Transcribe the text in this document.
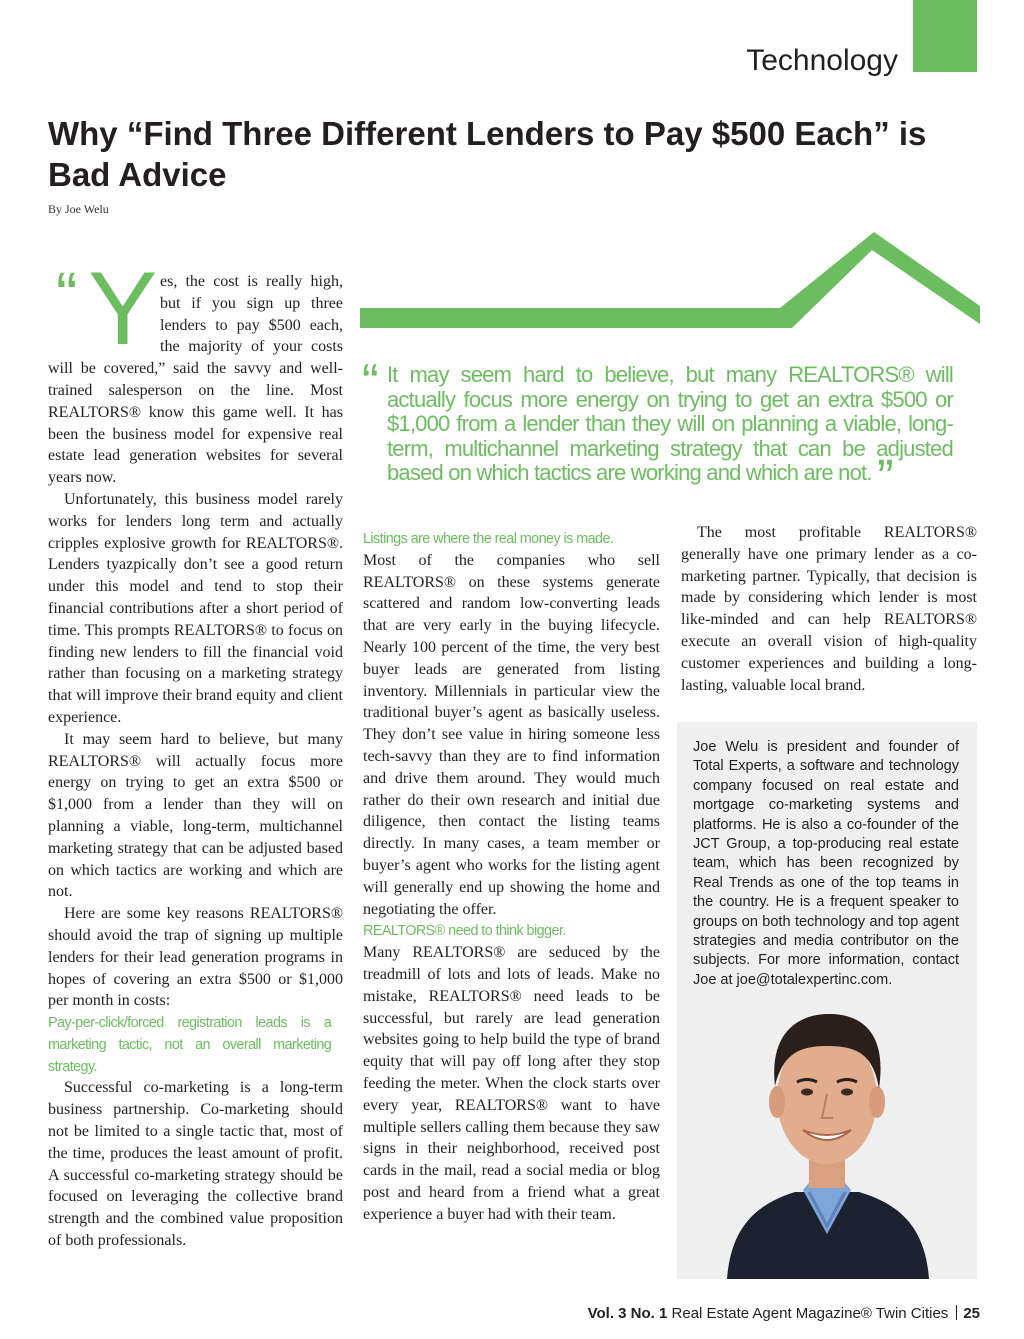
Technology
Why “Find Three Different Lenders to Pay $500 Each” is Bad Advice
By Joe Welu
“ Y es, the cost is really high, but if you sign up three lenders to pay $500 each, the majority of your costs will be covered,” said the savvy and well-trained salesperson on the line. Most REALTORS® know this game well. It has been the business model for expensive real estate lead generation websites for several years now.

Unfortunately, this business model rarely works for lenders long term and actually cripples explosive growth for REALTORS®. Lenders tyazpically don’t see a good return under this model and tend to stop their financial contributions after a short period of time. This prompts REALTORS® to focus on finding new lenders to fill the financial void rather than focusing on a marketing strategy that will improve their brand equity and client experience.

It may seem hard to believe, but many REALTORS® will actually focus more energy on trying to get an extra $500 or $1,000 from a lender than they will on planning a viable, long-term, multichannel marketing strategy that can be adjusted based on which tactics are working and which are not.

Here are some key reasons REALTORS® should avoid the trap of signing up multiple lenders for their lead generation programs in hopes of covering an extra $500 or $1,000 per month in costs:

Pay-per-click/forced registration leads is a marketing tactic, not an overall marketing strategy.

Successful co-marketing is a long-term business partnership. Co-marketing should not be limited to a single tactic that, most of the time, produces the least amount of profit. A successful co-marketing strategy should be focused on leveraging the collective brand strength and the combined value proposition of both professionals.

“ It may seem hard to believe, but many REALTORS® will actually focus more energy on trying to get an extra $500 or $1,000 from a lender than they will on planning a viable, long-term, multichannel marketing strategy that can be adjusted based on which tactics are working and which are not. ”
Listings are where the real money is made.

Most of the companies who sell REALTORS® on these systems generate scattered and random low-converting leads that are very early in the buying lifecycle. Nearly 100 percent of the time, the very best buyer leads are generated from listing inventory. Millennials in particular view the traditional buyer’s agent as basically useless. They don’t see value in hiring someone less tech-savvy than they are to find information and drive them around. They would much rather do their own research and initial due diligence, then contact the listing teams directly. In many cases, a team member or buyer’s agent who works for the listing agent will generally end up showing the home and negotiating the offer.

REALTORS® need to think bigger.

Many REALTORS® are seduced by the treadmill of lots and lots of leads. Make no mistake, REALTORS® need leads to be successful, but rarely are lead generation websites going to help build the type of brand equity that will pay off long after they stop feeding the meter. When the clock starts over every year, REALTORS® want to have multiple sellers calling them because they saw signs in their neighborhood, received post cards in the mail, read a social media or blog post and heard from a friend what a great experience a buyer had with their team.

The most profitable REALTORS® generally have one primary lender as a co-marketing partner. Typically, that decision is made by considering which lender is most like-minded and can help REALTORS® execute an overall vision of high-quality customer experiences and building a long-lasting, valuable local brand.

Joe Welu is president and founder of Total Experts, a software and technology company focused on real estate and mortgage co-marketing systems and platforms. He is also a co-founder of the JCT Group, a top-producing real estate team, which has been recognized by Real Trends as one of the top teams in the country. He is a frequent speaker to groups on both technology and top agent strategies and media contributor on the subjects. For more information, contact Joe at joe@totalexpertinc.com.
Vol. 3 No. 1 Real Estate Agent Magazine® Twin Cities 25
